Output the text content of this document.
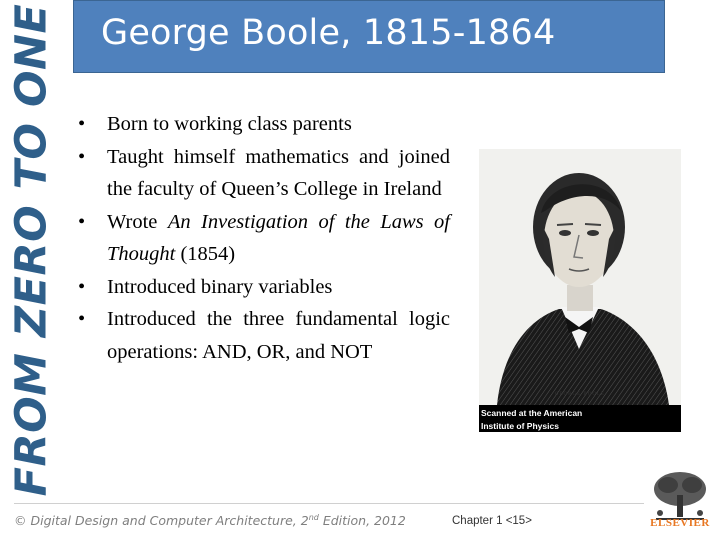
FROM ZERO TO ONE George Boole, 1815-1864
• Born to working class parents
• Taught himself mathematics and joined the faculty of Queen’s College in Ireland
• Wrote An Investigation of the Laws of Thought (1854)
• Introduced binary variables
• Introduced the three fundamental logic operations: AND, OR, and NOT
GEORGE BOOLE
Scanned at the American
Institute of Physics
© Digital Design and Computer Architecture, 2nd Edition, 2012	Chapter 1 <15>	ELSEVIER
